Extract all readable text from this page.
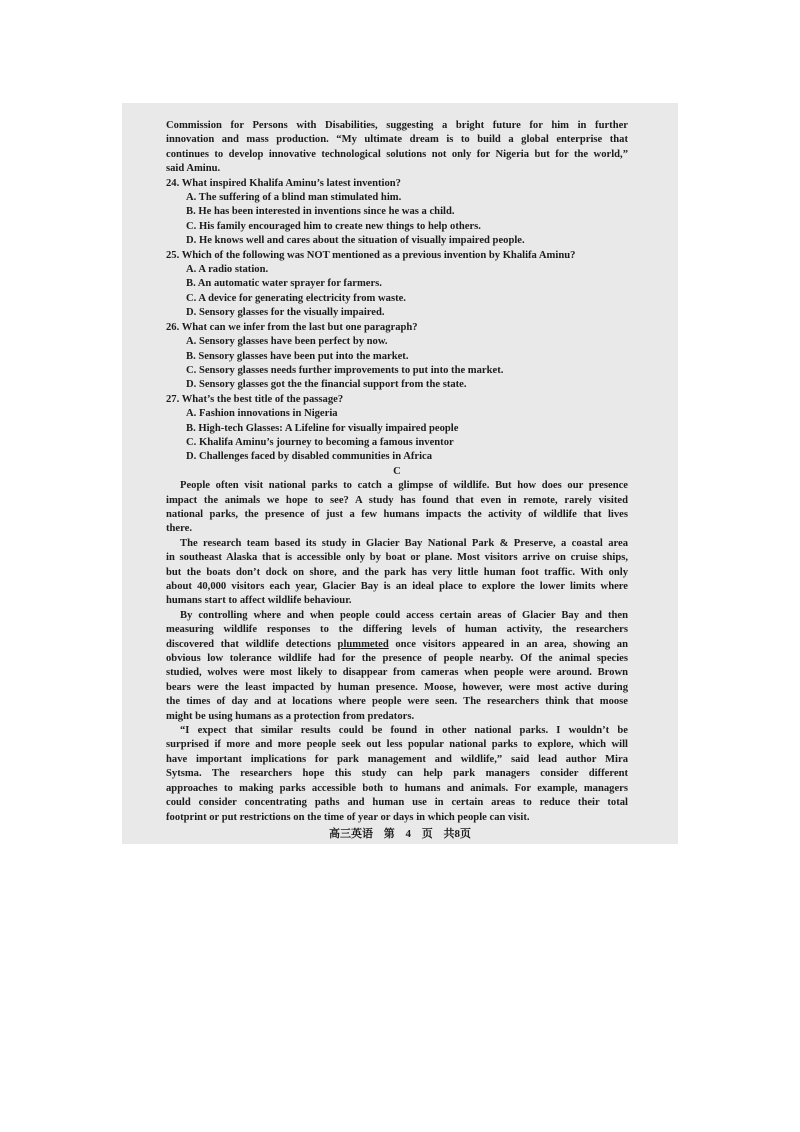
Commission for Persons with Disabilities, suggesting a bright future for him in further
innovation and mass production. “My ultimate dream is to build a global enterprise that
continues to develop innovative technological solutions not only for Nigeria but for the world,”
said Aminu.
24. What inspired Khalifa Aminu’s latest invention?
A. The suffering of a blind man stimulated him.
B. He has been interested in inventions since he was a child.
C. His family encouraged him to create new things to help others.
D. He knows well and cares about the situation of visually impaired people.
25. Which of the following was NOT mentioned as a previous invention by Khalifa Aminu?
A. A radio station.
B. An automatic water sprayer for farmers.
C. A device for generating electricity from waste.
D. Sensory glasses for the visually impaired.
26. What can we infer from the last but one paragraph?
A. Sensory glasses have been perfect by now.
B. Sensory glasses have been put into the market.
C. Sensory glasses needs further improvements to put into the market.
D. Sensory glasses got the the financial support from the state.
27. What’s the best title of the passage?
A. Fashion innovations in Nigeria
B. High-tech Glasses: A Lifeline for visually impaired people
C. Khalifa Aminu’s journey to becoming a famous inventor
D. Challenges faced by disabled communities in Africa
C
People often visit national parks to catch a glimpse of wildlife. But how does our presence
impact the animals we hope to see? A study has found that even in remote, rarely visited
national parks, the presence of just a few humans impacts the activity of wildlife that lives
there.
The research team based its study in Glacier Bay National Park & Preserve, a coastal area
in southeast Alaska that is accessible only by boat or plane. Most visitors arrive on cruise ships,
but the boats don’t dock on shore, and the park has very little human foot traffic. With only
about 40,000 visitors each year, Glacier Bay is an ideal place to explore the lower limits where
humans start to affect wildlife behaviour.
By controlling where and when people could access certain areas of Glacier Bay and then
measuring wildlife responses to the differing levels of human activity, the researchers
discovered that wildlife detections plummeted once visitors appeared in an area, showing an
obvious low tolerance wildlife had for the presence of people nearby. Of the animal species
studied, wolves were most likely to disappear from cameras when people were around. Brown
bears were the least impacted by human presence. Moose, however, were most active during
the times of day and at locations where people were seen. The researchers think that moose
might be using humans as a protection from predators.
“I expect that similar results could be found in other national parks. I wouldn’t be
surprised if more and more people seek out less popular national parks to explore, which will
have important implications for park management and wildlife,” said lead author Mira
Sytsma. The researchers hope this study can help park managers consider different
approaches to making parks accessible both to humans and animals. For example, managers
could consider concentrating paths and human use in certain areas to reduce their total
footprint or put restrictions on the time of year or days in which people can visit.
高三英语 第 4 页 共8页
